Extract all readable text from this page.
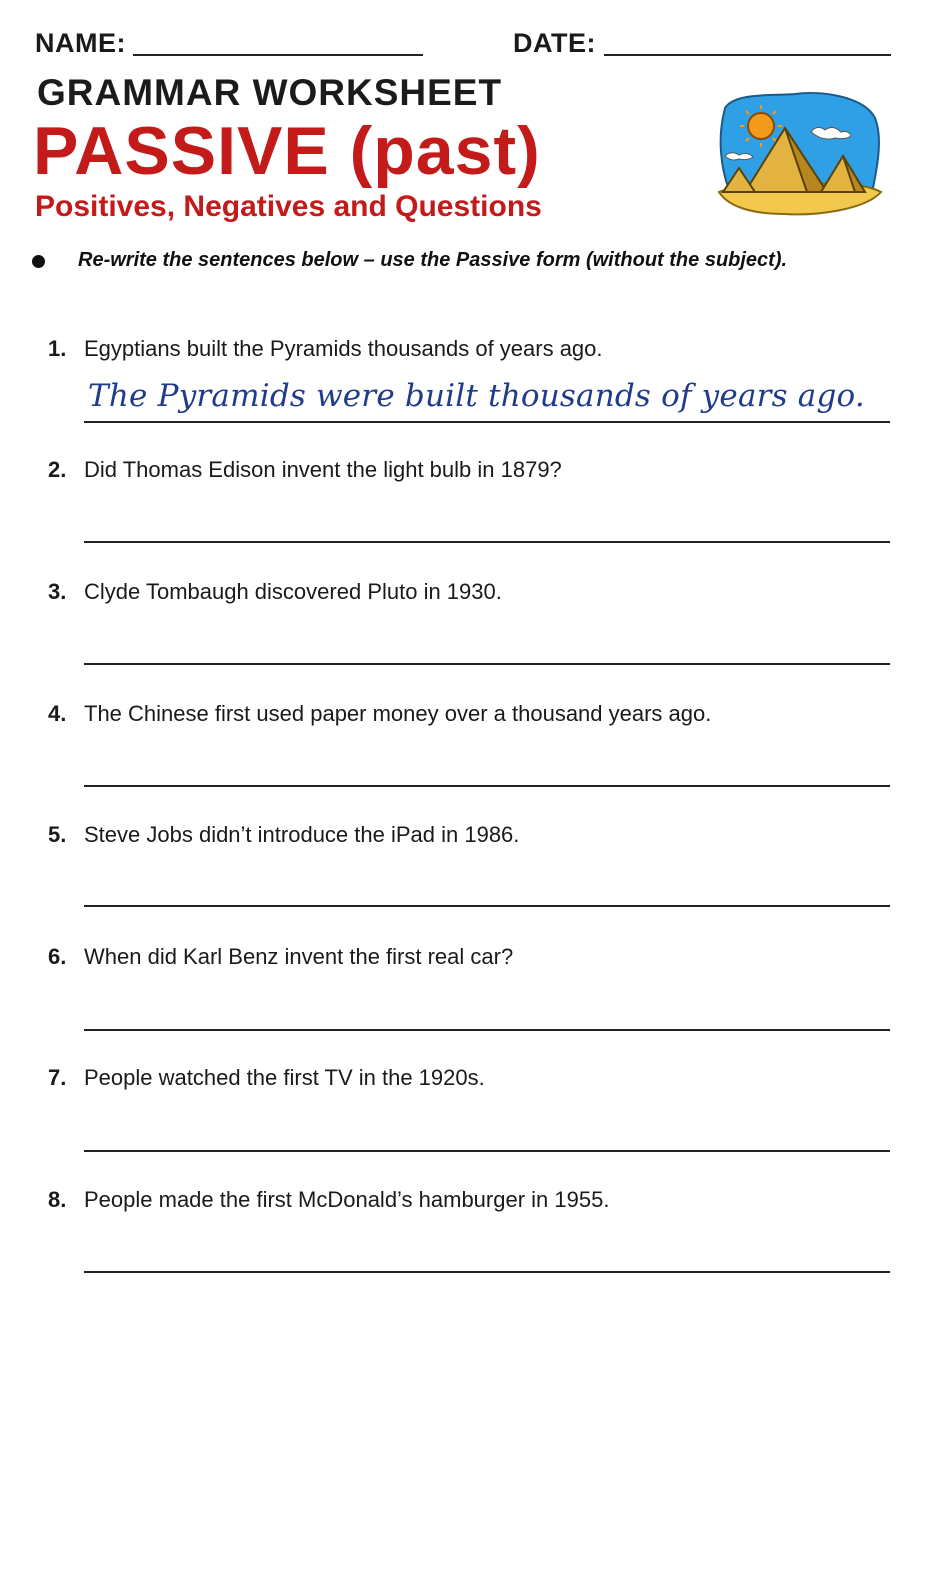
NAME:	DATE:
GRAMMAR WORKSHEET
PASSIVE (past)
Positives, Negatives and Questions
Re-write the sentences below – use the Passive form (without the subject).
1. Egyptians built the Pyramids thousands of years ago.
The Pyramids were built thousands of years ago.
2. Did Thomas Edison invent the light bulb in 1879?
3. Clyde Tombaugh discovered Pluto in 1930.
4. The Chinese first used paper money over a thousand years ago.
5. Steve Jobs didn’t introduce the iPad in 1986.
6. When did Karl Benz invent the first real car?
7. People watched the first TV in the 1920s.
8. People made the first McDonald’s hamburger in 1955.
